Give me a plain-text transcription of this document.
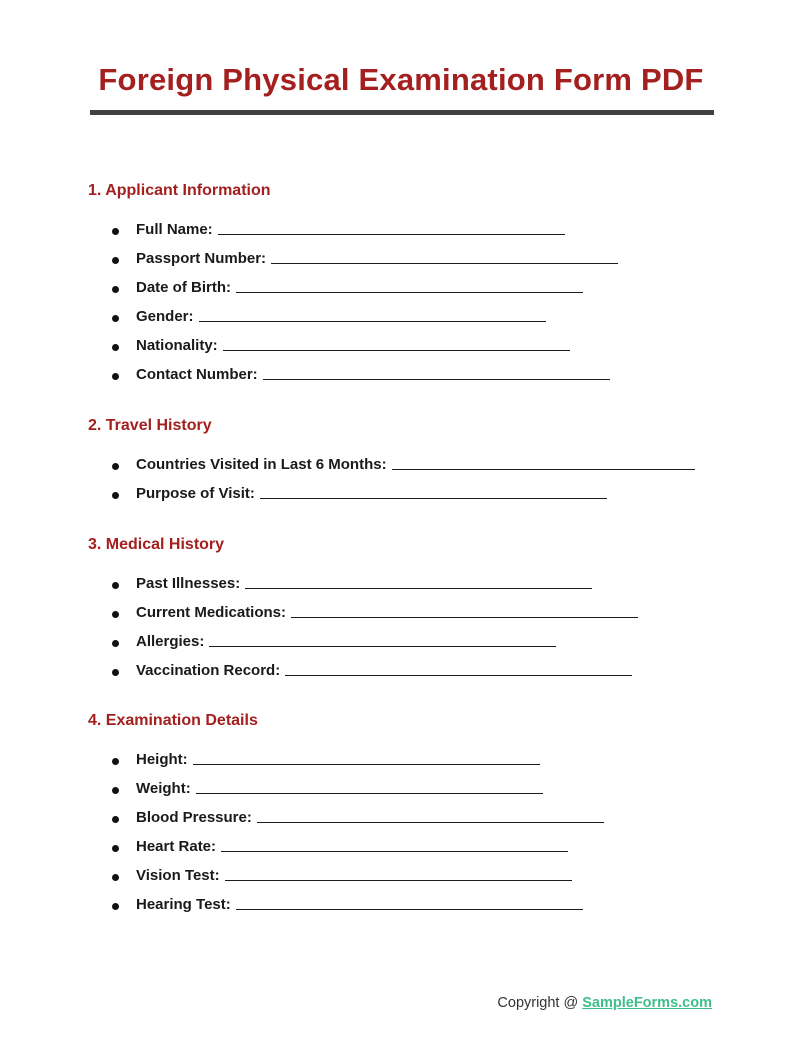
Foreign Physical Examination Form PDF
1. Applicant Information
Full Name:
Passport Number:
Date of Birth:
Gender:
Nationality:
Contact Number:
2. Travel History
Countries Visited in Last 6 Months:
Purpose of Visit:
3. Medical History
Past Illnesses:
Current Medications:
Allergies:
Vaccination Record:
4. Examination Details
Height:
Weight:
Blood Pressure:
Heart Rate:
Vision Test:
Hearing Test:
Copyright @ SampleForms.com
